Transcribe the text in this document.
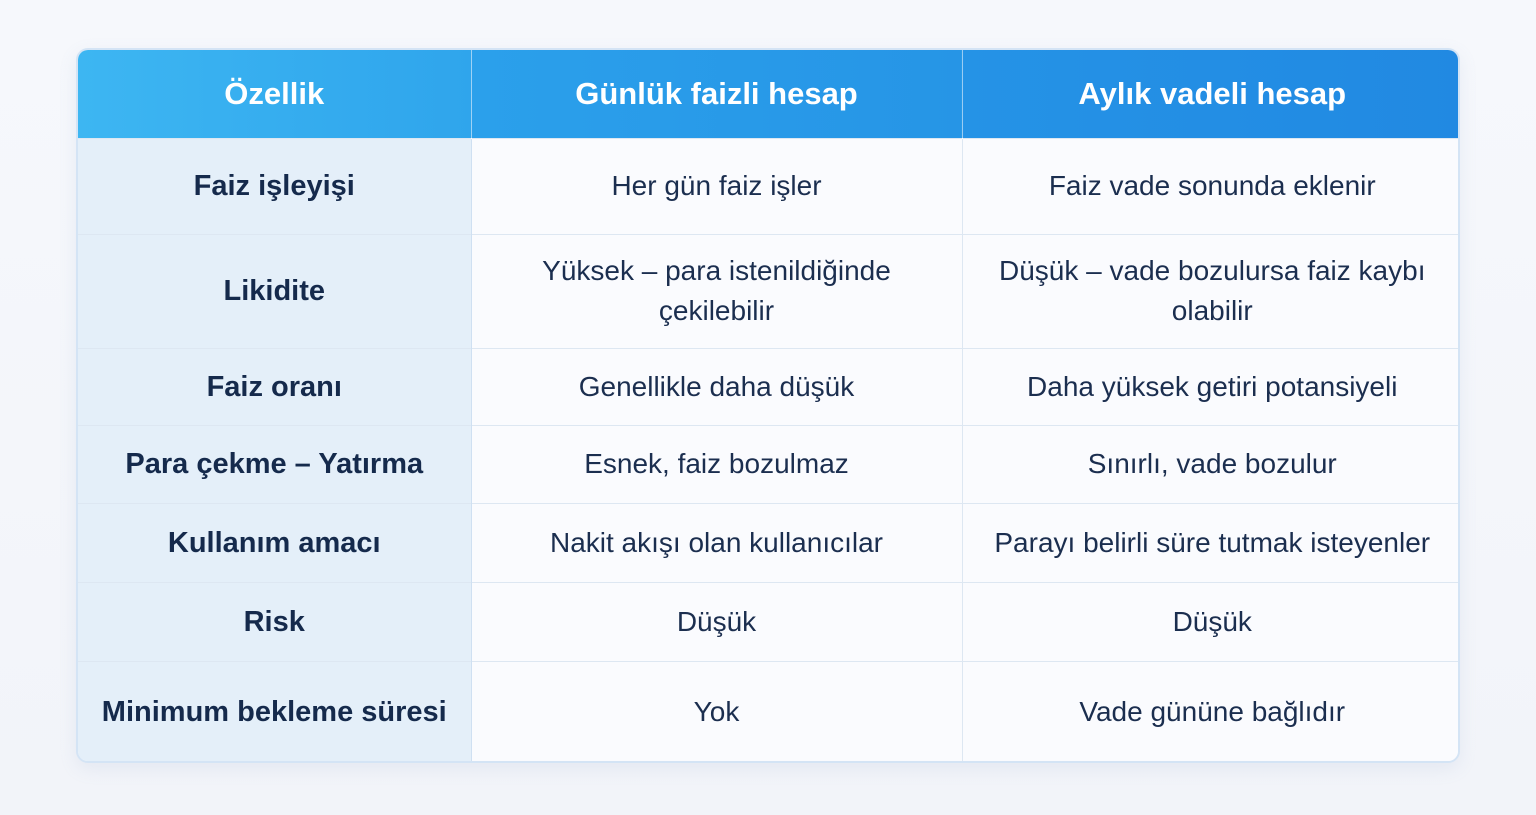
Özellik	Günlük faizli hesap	Aylık vadeli hesap
Faiz işleyişi	Her gün faiz işler	Faiz vade sonunda eklenir
Likidite	Yüksek – para istenildiğinde çekilebilir	Düşük – vade bozulursa faiz kaybı olabilir
Faiz oranı	Genellikle daha düşük	Daha yüksek getiri potansiyeli
Para çekme – Yatırma	Esnek, faiz bozulmaz	Sınırlı, vade bozulur
Kullanım amacı	Nakit akışı olan kullanıcılar	Parayı belirli süre tutmak isteyenler
Risk	Düşük	Düşük
Minimum bekleme süresi	Yok	Vade gününe bağlıdır
